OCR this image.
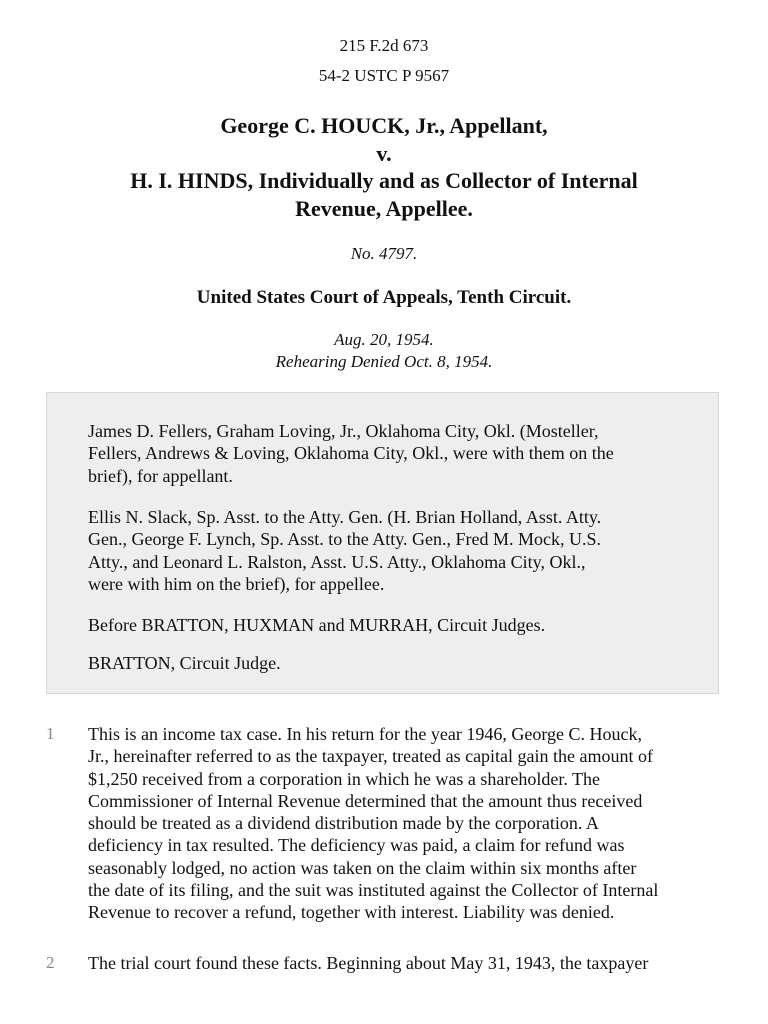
215 F.2d 673
54-2 USTC P 9567
George C. HOUCK, Jr., Appellant,
v.
H. I. HINDS, Individually and as Collector of Internal
Revenue, Appellee.
No. 4797.
United States Court of Appeals, Tenth Circuit.
Aug. 20, 1954.
Rehearing Denied Oct. 8, 1954.
James D. Fellers, Graham Loving, Jr., Oklahoma City, Okl. (Mosteller,
Fellers, Andrews & Loving, Oklahoma City, Okl., were with them on the
brief), for appellant.
Ellis N. Slack, Sp. Asst. to the Atty. Gen. (H. Brian Holland, Asst. Atty.
Gen., George F. Lynch, Sp. Asst. to the Atty. Gen., Fred M. Mock, U.S.
Atty., and Leonard L. Ralston, Asst. U.S. Atty., Oklahoma City, Okl.,
were with him on the brief), for appellee.
Before BRATTON, HUXMAN and MURRAH, Circuit Judges.
BRATTON, Circuit Judge.
1 This is an income tax case. In his return for the year 1946, George C. Houck,
Jr., hereinafter referred to as the taxpayer, treated as capital gain the amount of
$1,250 received from a corporation in which he was a shareholder. The
Commissioner of Internal Revenue determined that the amount thus received
should be treated as a dividend distribution made by the corporation. A
deficiency in tax resulted. The deficiency was paid, a claim for refund was
seasonably lodged, no action was taken on the claim within six months after
the date of its filing, and the suit was instituted against the Collector of Internal
Revenue to recover a refund, together with interest. Liability was denied.
2 The trial court found these facts. Beginning about May 31, 1943, the taxpayer
